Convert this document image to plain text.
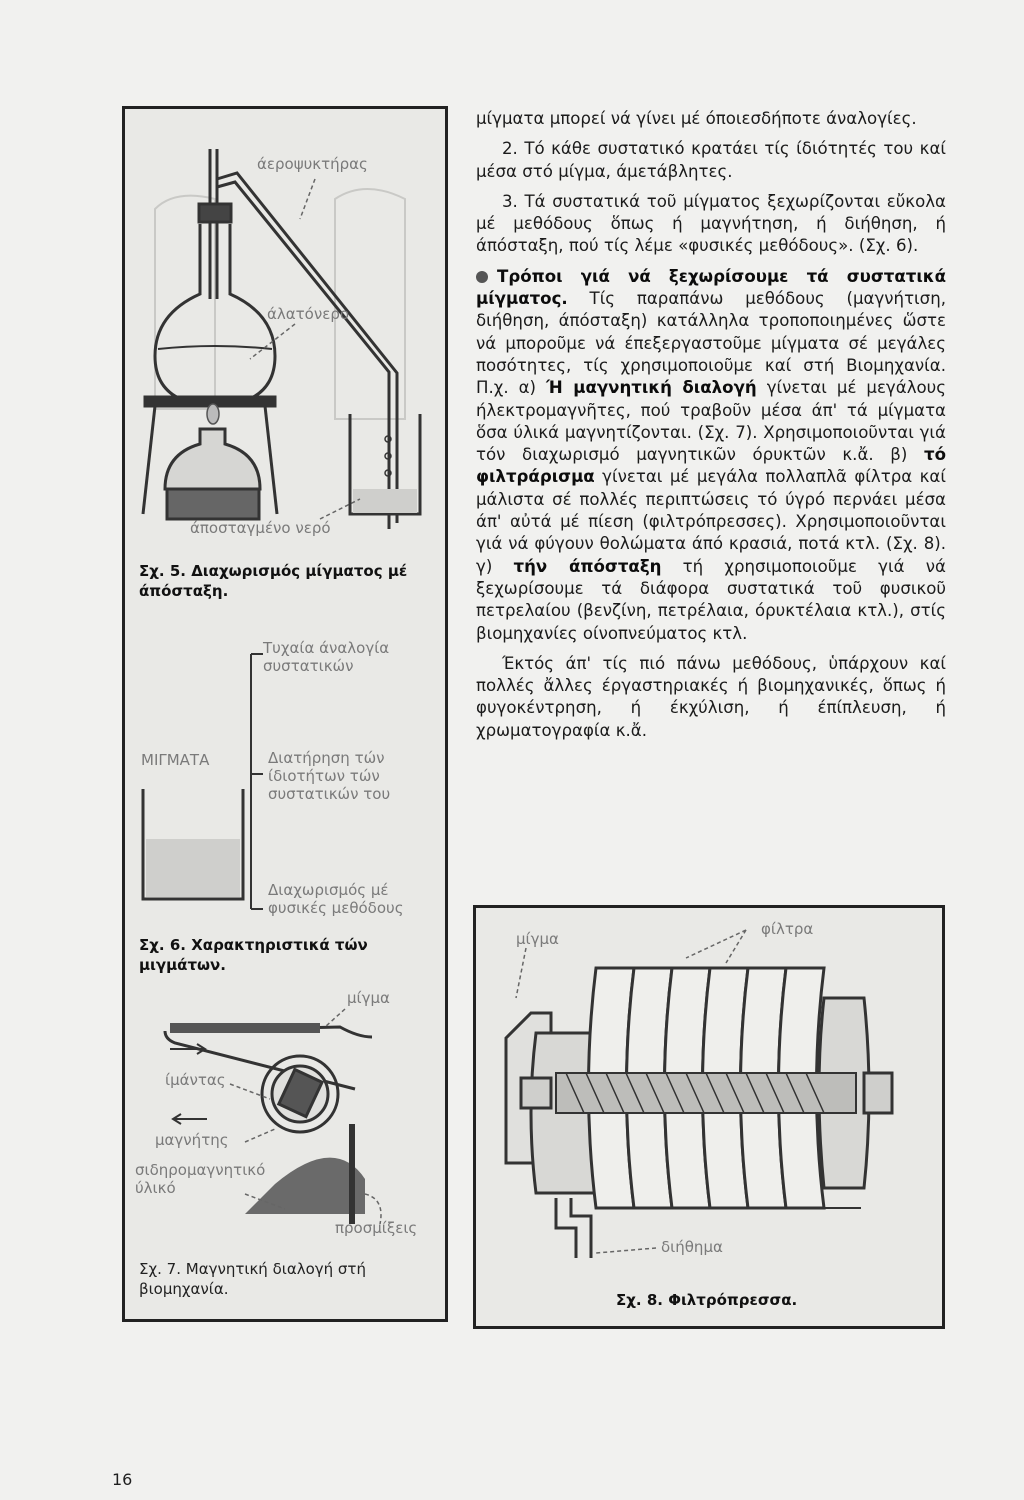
άεροψυκτήρας
άλατόνερο
άποσταγμένο νερό
Σχ. 5. Διαχωρισμός μίγματος μέ άπόσταξη.
Τυχαία άναλογία συστατικών
ΜΙΓΜΑΤΑ	Διατήρηση τών ίδιοτήτων τών συστατικών του
Διαχωρισμός μέ φυσικές μεθόδους
Σχ. 6. Χαρακτηριστικά τών μιγμάτων.
μίγμα
ίμάντας
μαγνήτης
σιδηρομαγνητικό ύλικό
προσμίξεις
Σχ. 7. Μαγνητική διαλογή στή βιομηχανία.

μίγματα μπορεί νά γίνει μέ όποιεσδήποτε άναλογίες.

2. Τό κάθε συστατικό κρατάει τίς ίδιότητές του καί μέσα στό μίγμα, άμετάβλητες.

3. Τά συστατικά τοῦ μίγματος ξεχωρίζονται εὔκολα μέ μεθόδους ὅπως ή μαγνήτηση, ή διήθηση, ή άπόσταξη, πού τίς λέμε «φυσικές μεθόδους». (Σχ. 6).

Τρόποι γιά νά ξεχωρίσουμε τά συστατικά μίγματος. Τίς παραπάνω μεθόδους (μαγνήτιση, διήθηση, άπόσταξη) κατάλληλα τροποποιημένες ὥστε νά μποροῦμε νά έπεξεργαστοῦμε μίγματα σέ μεγάλες ποσότητες, τίς χρησιμοποιοῦμε καί στή Βιομηχανία. Π.χ. α) Ή μαγνητική διαλογή γίνεται μέ μεγάλους ήλεκτρομαγνῆτες, πού τραβοῦν μέσα άπ' τά μίγματα ὅσα ύλικά μαγνητίζονται. (Σχ. 7). Χρησιμοποιοῦνται γιά τόν διαχωρισμό μαγνητικῶν όρυκτῶν κ.ἄ. β) τό φιλτράρισμα γίνεται μέ μεγάλα πολλαπλᾶ φίλτρα καί μάλιστα σέ πολλές περιπτώσεις τό ύγρό περνάει μέσα άπ' αὐτά μέ πίεση (φιλτρόπρεσσες). Χρησιμοποιοῦνται γιά νά φύγουν θολώματα άπό κρασιά, ποτά κτλ. (Σχ. 8). γ) τήν άπόσταξη τή χρησιμοποιοῦμε γιά νά ξεχωρίσουμε τά διάφορα συστατικά τοῦ φυσικοῦ πετρελαίου (βενζίνη, πετρέλαια, όρυκτέλαια κτλ.), στίς βιομηχανίες οίνοπνεύματος κτλ.

Έκτός άπ' τίς πιό πάνω μεθόδους, ὑπάρχουν καί πολλές ἄλλες έργαστηριακές ή βιομηχανικές, ὅπως ή φυγοκέντρηση, ή έκχύλιση, ή έπίπλευση, ή χρωματογραφία κ.ἄ.

μίγμα
φίλτρα
διήθημα
Σχ. 8. Φιλτρόπρεσσα.
16
